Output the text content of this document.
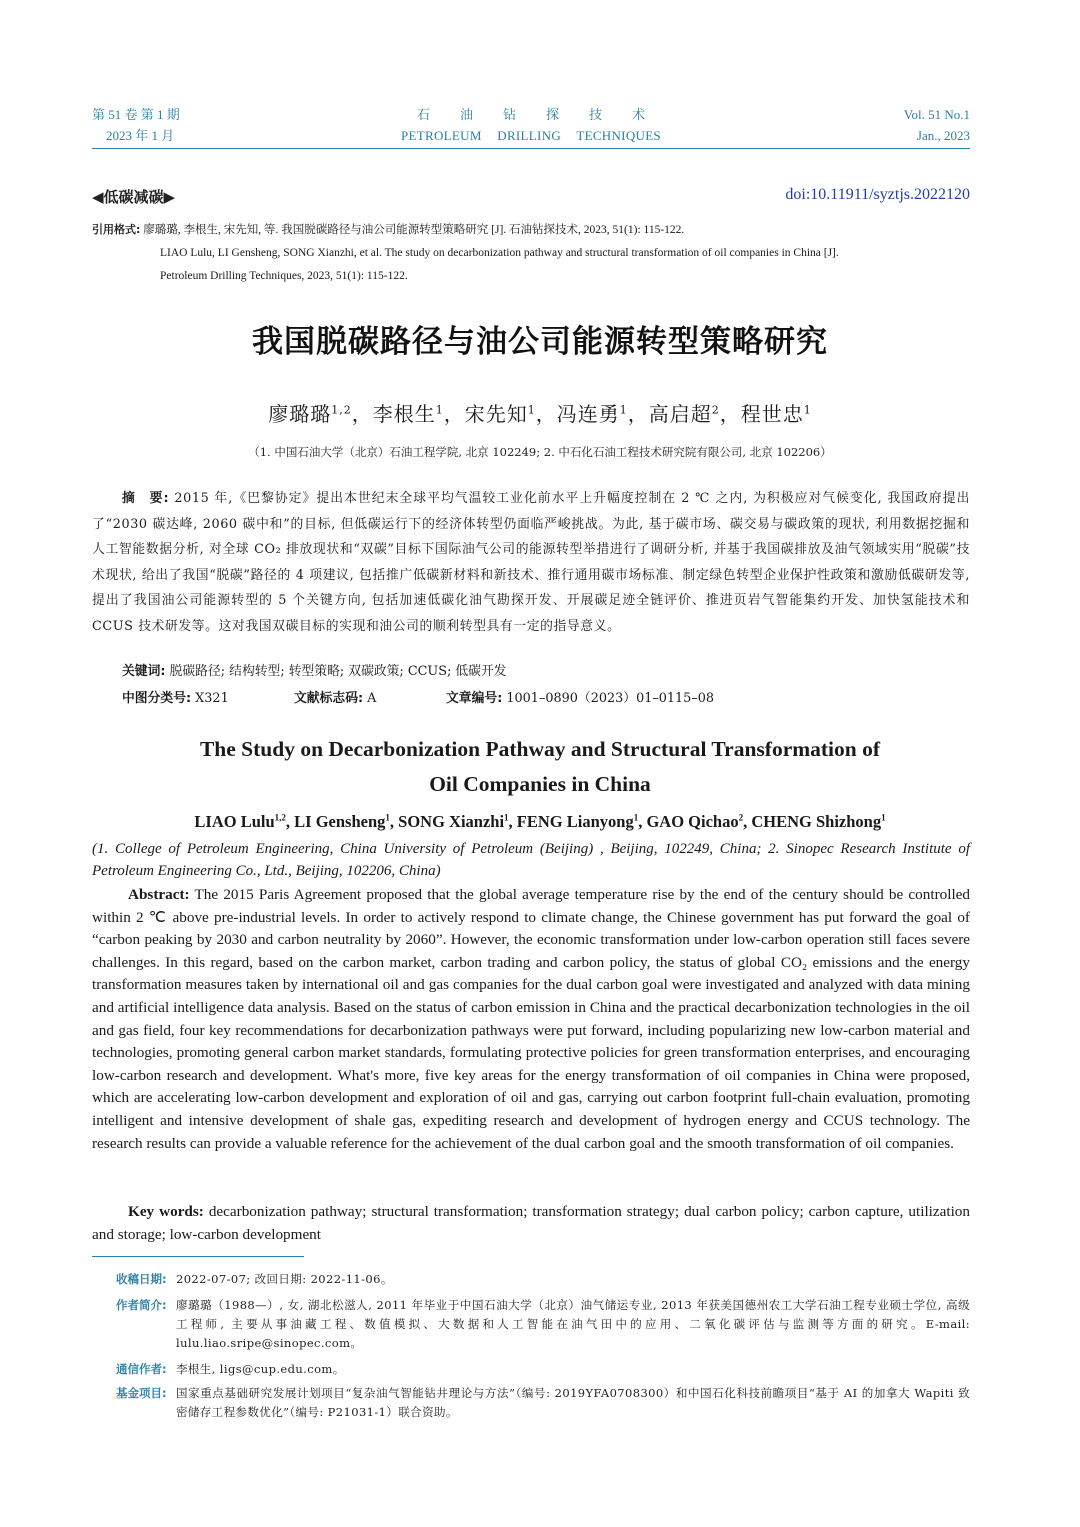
第 51 卷 第 1 期
2023 年 1 月
石油钻探技术
PETROLEUM DRILLING TECHNIQUES
Vol. 51 No.1
Jan., 2023
◀低碳减碳▶	doi:10.11911/syztjs.2022120
引用格式: 廖璐璐, 李根生, 宋先知, 等. 我国脱碳路径与油公司能源转型策略研究 [J]. 石油钻探技术, 2023, 51(1): 115-122.
LIAO Lulu, LI Gensheng, SONG Xianzhi, et al. The study on decarbonization pathway and structural transformation of oil companies in China [J].
Petroleum Drilling Techniques, 2023, 51(1): 115-122.
我国脱碳路径与油公司能源转型策略研究
廖璐璐$^{1,2}$，李根生$^1$，宋先知$^1$，冯连勇$^1$，高启超$^2$，程世忠$^1$
（1. 中国石油大学（北京）石油工程学院, 北京 102249; 2. 中石化石油工程技术研究院有限公司, 北京 102206）
摘　要: 2015 年,《巴黎协定》提出本世纪末全球平均气温较工业化前水平上升幅度控制在 2 ℃ 之内, 为积极应对气候变化, 我国政府提出了“2030 碳达峰, 2060 碳中和”的目标, 但低碳运行下的经济体转型仍面临严峻挑战。为此, 基于碳市场、碳交易与碳政策的现状, 利用数据挖掘和人工智能数据分析, 对全球 CO₂ 排放现状和“双碳”目标下国际油气公司的能源转型举措进行了调研分析, 并基于我国碳排放及油气领域实用“脱碳”技术现状, 给出了我国“脱碳”路径的 4 项建议, 包括推广低碳新材料和新技术、推行通用碳市场标准、制定绿色转型企业保护性政策和激励低碳研发等, 提出了我国油公司能源转型的 5 个关键方向, 包括加速低碳化油气勘探开发、开展碳足迹全链评价、推进页岩气智能集约开发、加快氢能技术和 CCUS 技术研发等。这对我国双碳目标的实现和油公司的顺利转型具有一定的指导意义。
关键词: 脱碳路径; 结构转型; 转型策略; 双碳政策; CCUS; 低碳开发
中图分类号: X321	文献标志码: A	文章编号: 1001–0890（2023）01–0115–08
The Study on Decarbonization Pathway and Structural Transformation of
Oil Companies in China
LIAO Lulu$^{1,2}$, LI Gensheng$^1$, SONG Xianzhi$^1$, FENG Lianyong$^1$, GAO Qichao$^2$, CHENG Shizhong$^1$
(1. College of Petroleum Engineering, China University of Petroleum (Beijing) , Beijing, 102249, China; 2. Sinopec Research Institute of Petroleum Engineering Co., Ltd., Beijing, 102206, China)
Abstract: The 2015 Paris Agreement proposed that the global average temperature rise by the end of the century should be controlled within 2 ℃ above pre-industrial levels. In order to actively respond to climate change, the Chinese government has put forward the goal of “carbon peaking by 2030 and carbon neutrality by 2060”. However, the economic transformation under low-carbon operation still faces severe challenges. In this regard, based on the carbon market, carbon trading and carbon policy, the status of global CO₂ emissions and the energy transformation measures taken by international oil and gas companies for the dual carbon goal were investigated and analyzed with data mining and artificial intelligence data analysis. Based on the status of carbon emission in China and the practical decarbonization technologies in the oil and gas field, four key recommendations for decarbonization pathways were put forward, including popularizing new low-carbon material and technologies, promoting general carbon market standards, formulating protective policies for green transformation enterprises, and encouraging low-carbon research and development. What's more, five key areas for the energy transformation of oil companies in China were proposed, which are accelerating low-carbon development and exploration of oil and gas, carrying out carbon footprint full-chain evaluation, promoting intelligent and intensive development of shale gas, expediting research and development of hydrogen energy and CCUS technology. The research results can provide a valuable reference for the achievement of the dual carbon goal and the smooth transformation of oil companies.
Key words: decarbonization pathway; structural transformation; transformation strategy; dual carbon policy; carbon capture, utilization and storage; low-carbon development
收稿日期: 2022-07-07; 改回日期: 2022-11-06。
作者简介: 廖璐璐（1988—）, 女, 湖北松滋人, 2011 年毕业于中国石油大学（北京）油气储运专业, 2013 年获美国德州农工大学石油工程专业硕士学位, 高级工程师, 主要从事油藏工程、数值模拟、大数据和人工智能在油气田中的应用、二氧化碳评估与监测等方面的研究。E-mail: lulu.liao.sripe@sinopec.com。
通信作者: 李根生, ligs@cup.edu.com。
基金项目: 国家重点基础研究发展计划项目“复杂油气智能钻井理论与方法”（编号: 2019YFA0708300）和中国石化科技前瞻项目“基于 AI 的加拿大 Wapiti 致密储存工程参数优化”（编号: P21031-1）联合资助。
